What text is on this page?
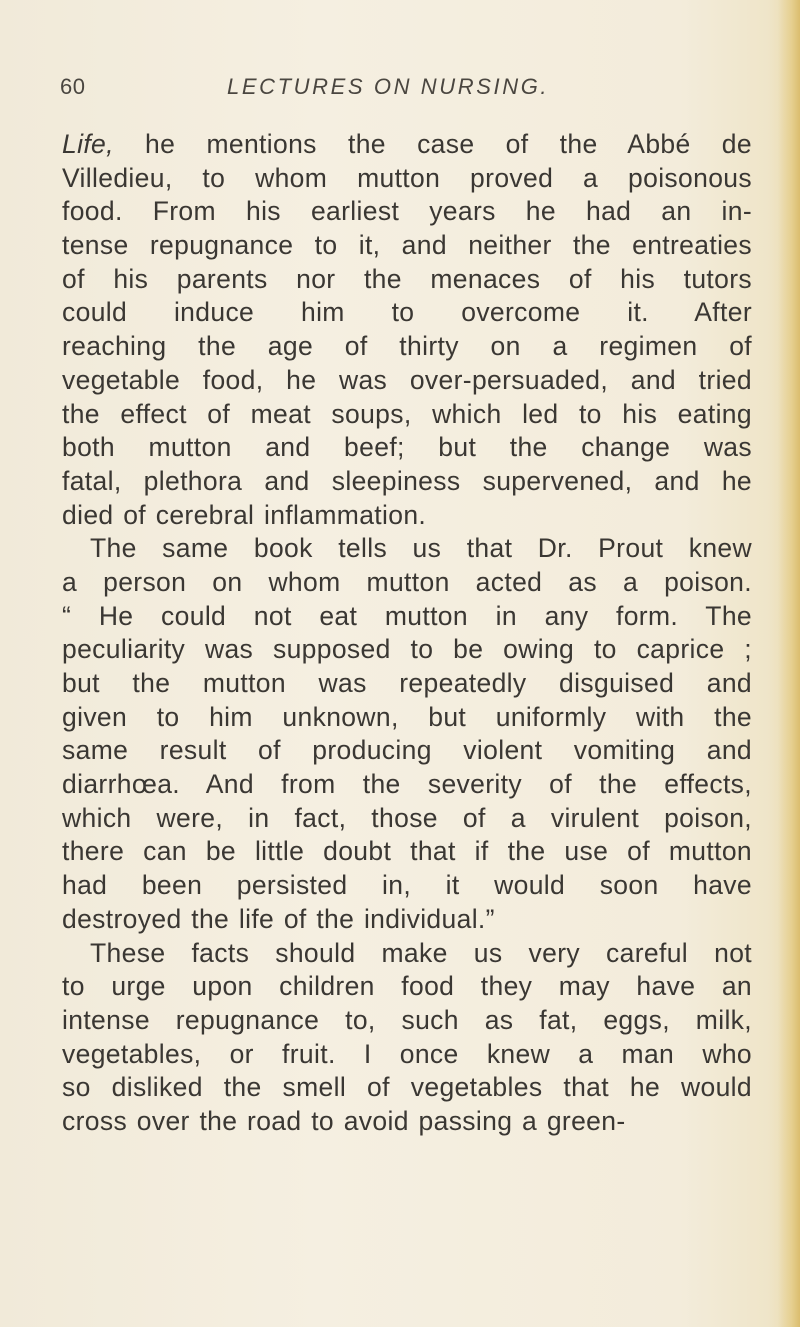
60	LECTURES ON NURSING.
Life, he mentions the case of the Abbé de
Villedieu, to whom mutton proved a poisonous
food. From his earliest years he had an in-
tense repugnance to it, and neither the entreaties
of his parents nor the menaces of his tutors
could induce him to overcome it. After
reaching the age of thirty on a regimen of
vegetable food, he was over-persuaded, and tried
the effect of meat soups, which led to his eating
both mutton and beef; but the change was
fatal, plethora and sleepiness supervened, and he
died of cerebral inflammation.
The same book tells us that Dr. Prout knew
a person on whom mutton acted as a poison.
“ He could not eat mutton in any form. The
peculiarity was supposed to be owing to caprice ;
but the mutton was repeatedly disguised and
given to him unknown, but uniformly with the
same result of producing violent vomiting and
diarrhœa. And from the severity of the effects,
which were, in fact, those of a virulent poison,
there can be little doubt that if the use of mutton
had been persisted in, it would soon have
destroyed the life of the individual.”
These facts should make us very careful not
to urge upon children food they may have an
intense repugnance to, such as fat, eggs, milk,
vegetables, or fruit. I once knew a man who
so disliked the smell of vegetables that he would
cross over the road to avoid passing a green-
